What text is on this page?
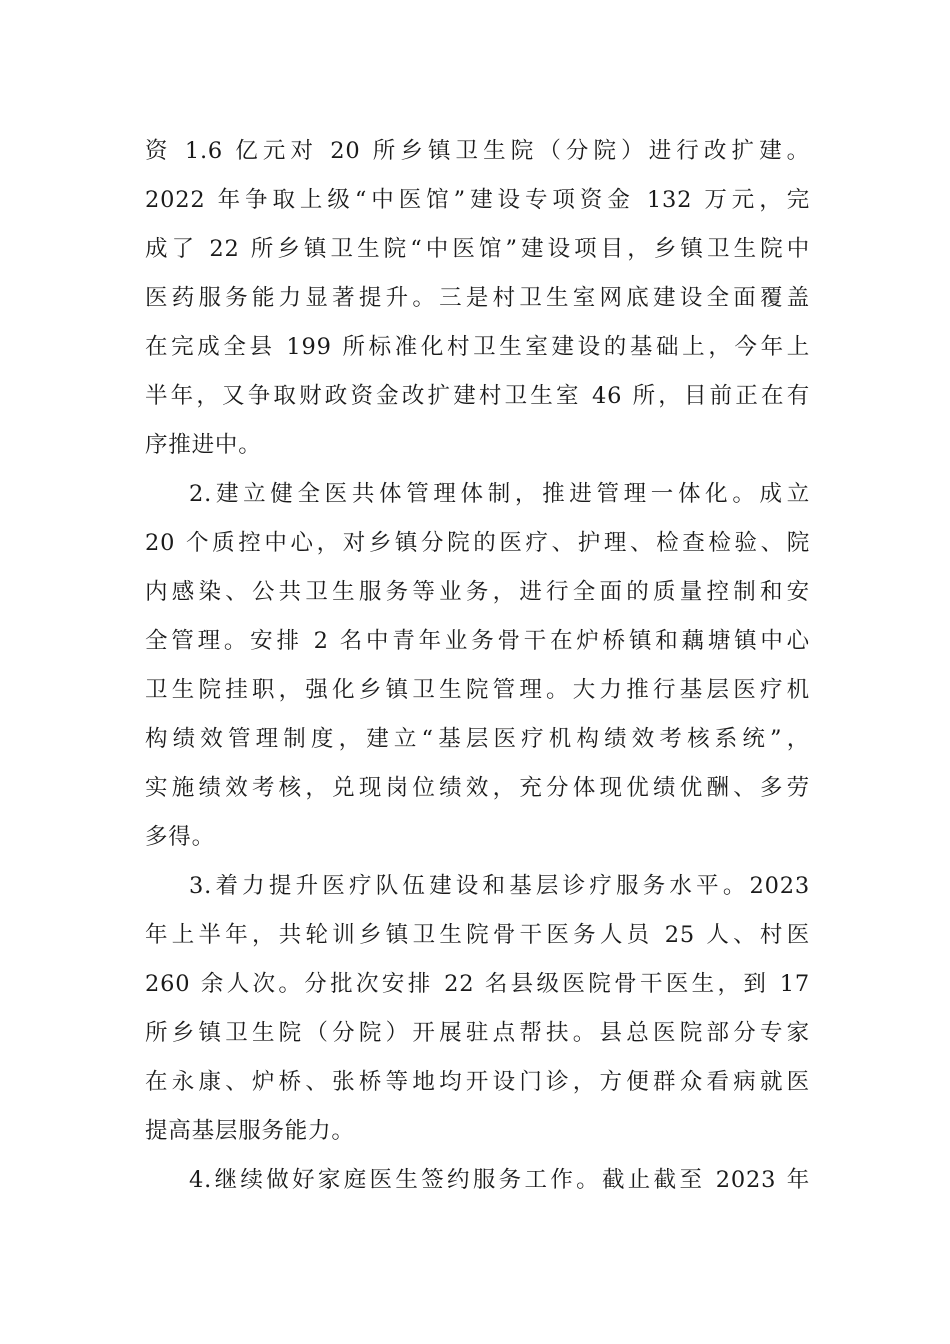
资 1.6 亿元对 20 所乡镇卫生院（分院）进行改扩建。
2022 年争取上级“中医馆”建设专项资金 132 万元，完
成了 22 所乡镇卫生院“中医馆”建设项目，乡镇卫生院中
医药服务能力显著提升。三是村卫生室网底建设全面覆盖
在完成全县 199 所标准化村卫生室建设的基础上，今年上
半年，又争取财政资金改扩建村卫生室 46 所，目前正在有
序推进中。
2.建立健全医共体管理体制，推进管理一体化。成立
20 个质控中心，对乡镇分院的医疗、护理、检查检验、院
内感染、公共卫生服务等业务，进行全面的质量控制和安
全管理。安排 2 名中青年业务骨干在炉桥镇和藕塘镇中心
卫生院挂职，强化乡镇卫生院管理。大力推行基层医疗机
构绩效管理制度，建立“基层医疗机构绩效考核系统”，
实施绩效考核，兑现岗位绩效，充分体现优绩优酬、多劳
多得。
3.着力提升医疗队伍建设和基层诊疗服务水平。2023
年上半年，共轮训乡镇卫生院骨干医务人员 25 人、村医
260 余人次。分批次安排 22 名县级医院骨干医生，到 17
所乡镇卫生院（分院）开展驻点帮扶。县总医院部分专家
在永康、炉桥、张桥等地均开设门诊，方便群众看病就医
提高基层服务能力。
4.继续做好家庭医生签约服务工作。截止截至 2023 年
